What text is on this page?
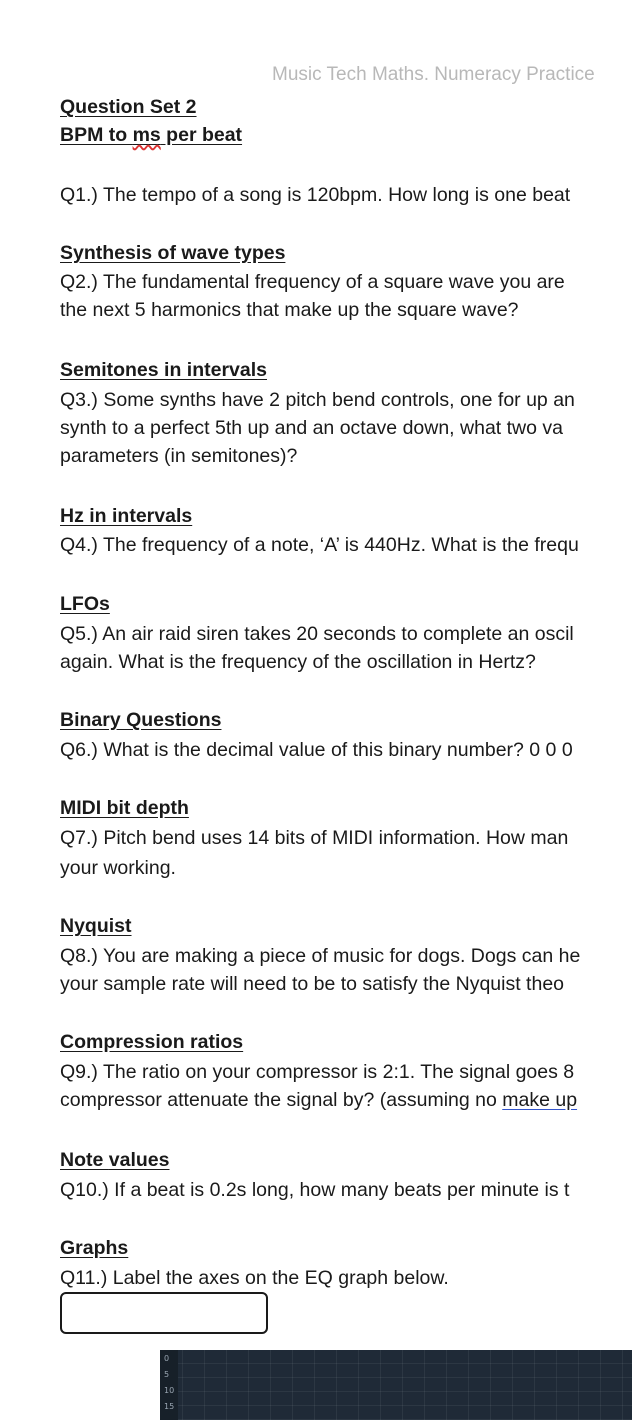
Music Tech Maths. Numeracy Practice
Question Set 2
BPM to ms per beat
Q1.) The tempo of a song is 120bpm. How long is one beat
Synthesis of wave types
Q2.) The fundamental frequency of a square wave you are
the next 5 harmonics that make up the square wave?
Semitones in intervals
Q3.) Some synths have 2 pitch bend controls, one for up an
synth to a perfect 5th up and an octave down, what two va
parameters (in semitones)?
Hz in intervals
Q4.) The frequency of a note, ‘A’ is 440Hz. What is the frequ
LFOs
Q5.) An air raid siren takes 20 seconds to complete an oscil
again. What is the frequency of the oscillation in Hertz?
Binary Questions
Q6.) What is the decimal value of this binary number? 0 0 0
MIDI bit depth
Q7.) Pitch bend uses 14 bits of MIDI information. How man
your working.
Nyquist
Q8.) You are making a piece of music for dogs. Dogs can he
your sample rate will need to be to satisfy the Nyquist theo
Compression ratios
Q9.) The ratio on your compressor is 2:1. The signal goes 8
compressor attenuate the signal by? (assuming no make up
Note values
Q10.) If a beat is 0.2s long, how many beats per minute is t
Graphs
Q11.) Label the axes on the EQ graph below.
0
5
10
15
